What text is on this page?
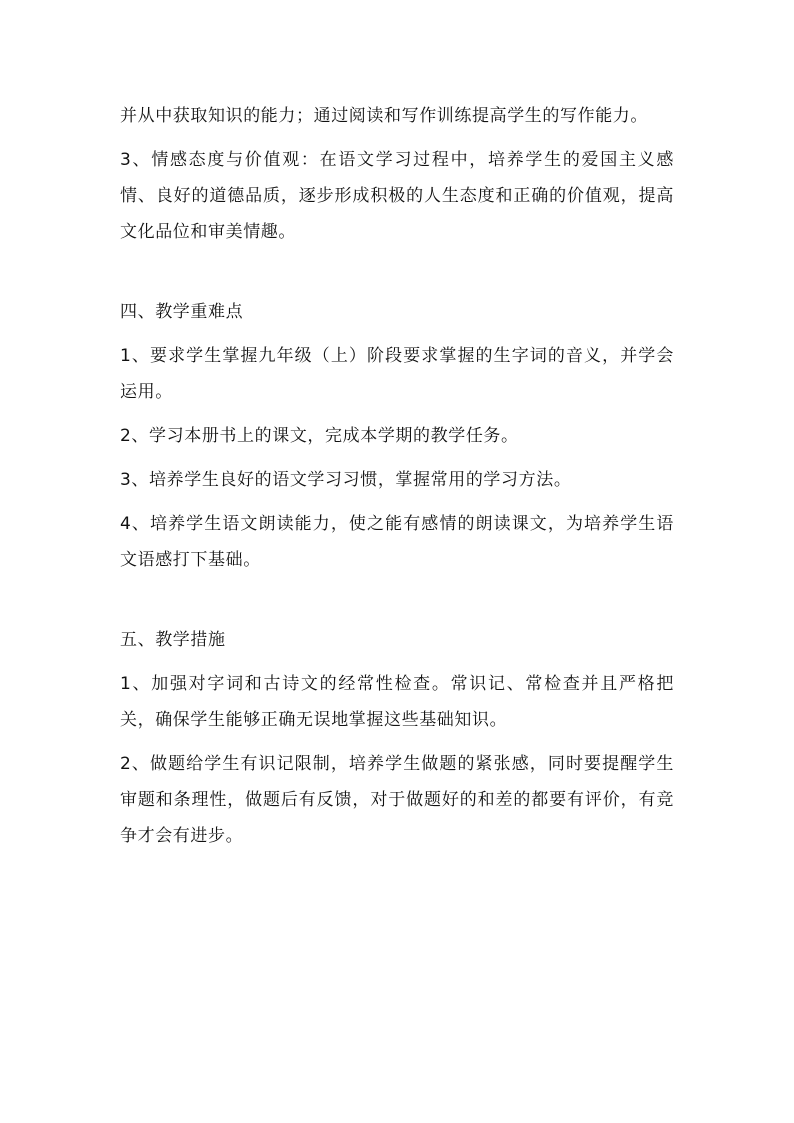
并从中获取知识的能力；通过阅读和写作训练提高学生的写作能力。

3、情感态度与价值观：在语文学习过程中，培养学生的爱国主义感情、良好的道德品质，逐步形成积极的人生态度和正确的价值观，提高文化品位和审美情趣。

四、教学重难点

1、要求学生掌握九年级（上）阶段要求掌握的生字词的音义，并学会运用。

2、学习本册书上的课文，完成本学期的教学任务。

3、培养学生良好的语文学习习惯，掌握常用的学习方法。

4、培养学生语文朗读能力，使之能有感情的朗读课文，为培养学生语文语感打下基础。

五、教学措施

1、加强对字词和古诗文的经常性检查。常识记、常检查并且严格把关，确保学生能够正确无误地掌握这些基础知识。

2、做题给学生有识记限制，培养学生做题的紧张感，同时要提醒学生审题和条理性，做题后有反馈，对于做题好的和差的都要有评价，有竞争才会有进步。
